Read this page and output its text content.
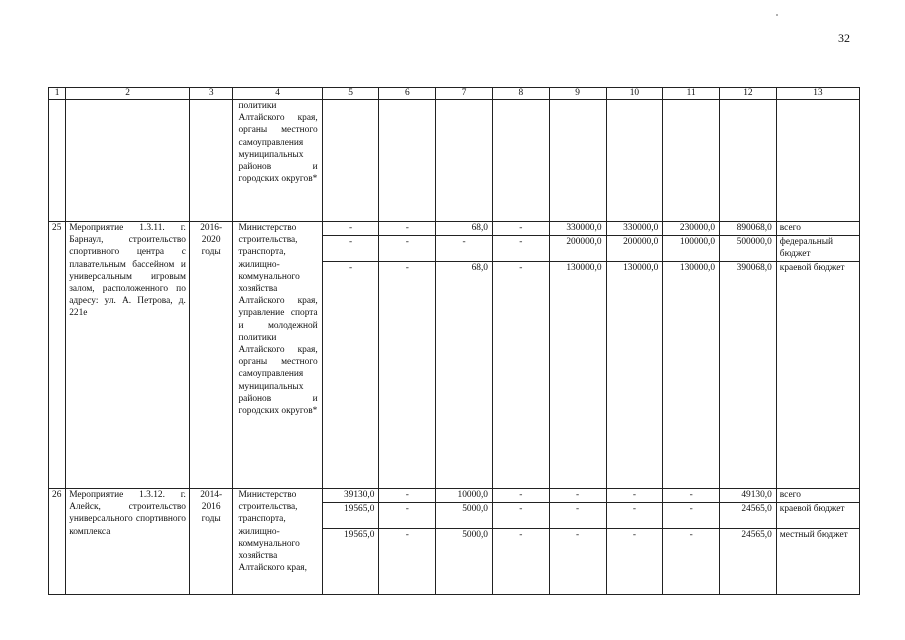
32
1	2	3	4	5	6	7	8	9	10	11	12	13
			политики Алтайского края, органы местного самоуправления муниципальных районов и городских округов*									
25	Мероприятие 1.3.11. г. Барнаул, строительство спортивного центра с плавательным бассейном и универсальным игровым залом, расположенного по адресу: ул. А. Петрова, д. 221е	2016-2020 годы	Министерство строительства, транспорта, жилищно-коммунального хозяйства Алтайского края, управление спорта и молодежной политики Алтайского края, органы местного самоуправления муниципальных районов и городских округов*	-	-	68,0	-	330000,0	330000,0	230000,0	890068,0	всего
				-	-	-	-	200000,0	200000,0	100000,0	500000,0	федеральный бюджет
				-	-	68,0	-	130000,0	130000,0	130000,0	390068,0	краевой бюджет
26	Мероприятие 1.3.12. г. Алейск, строительство универсального спортивного комплекса	2014-2016 годы	Министерство строительства, транспорта, жилищно-коммунального хозяйства Алтайского края,	39130,0	-	10000,0	-	-	-	-	49130,0	всего
				19565,0	-	5000,0	-	-	-	-	24565,0	краевой бюджет
				19565,0	-	5000,0	-	-	-	-	24565,0	местный бюджет
